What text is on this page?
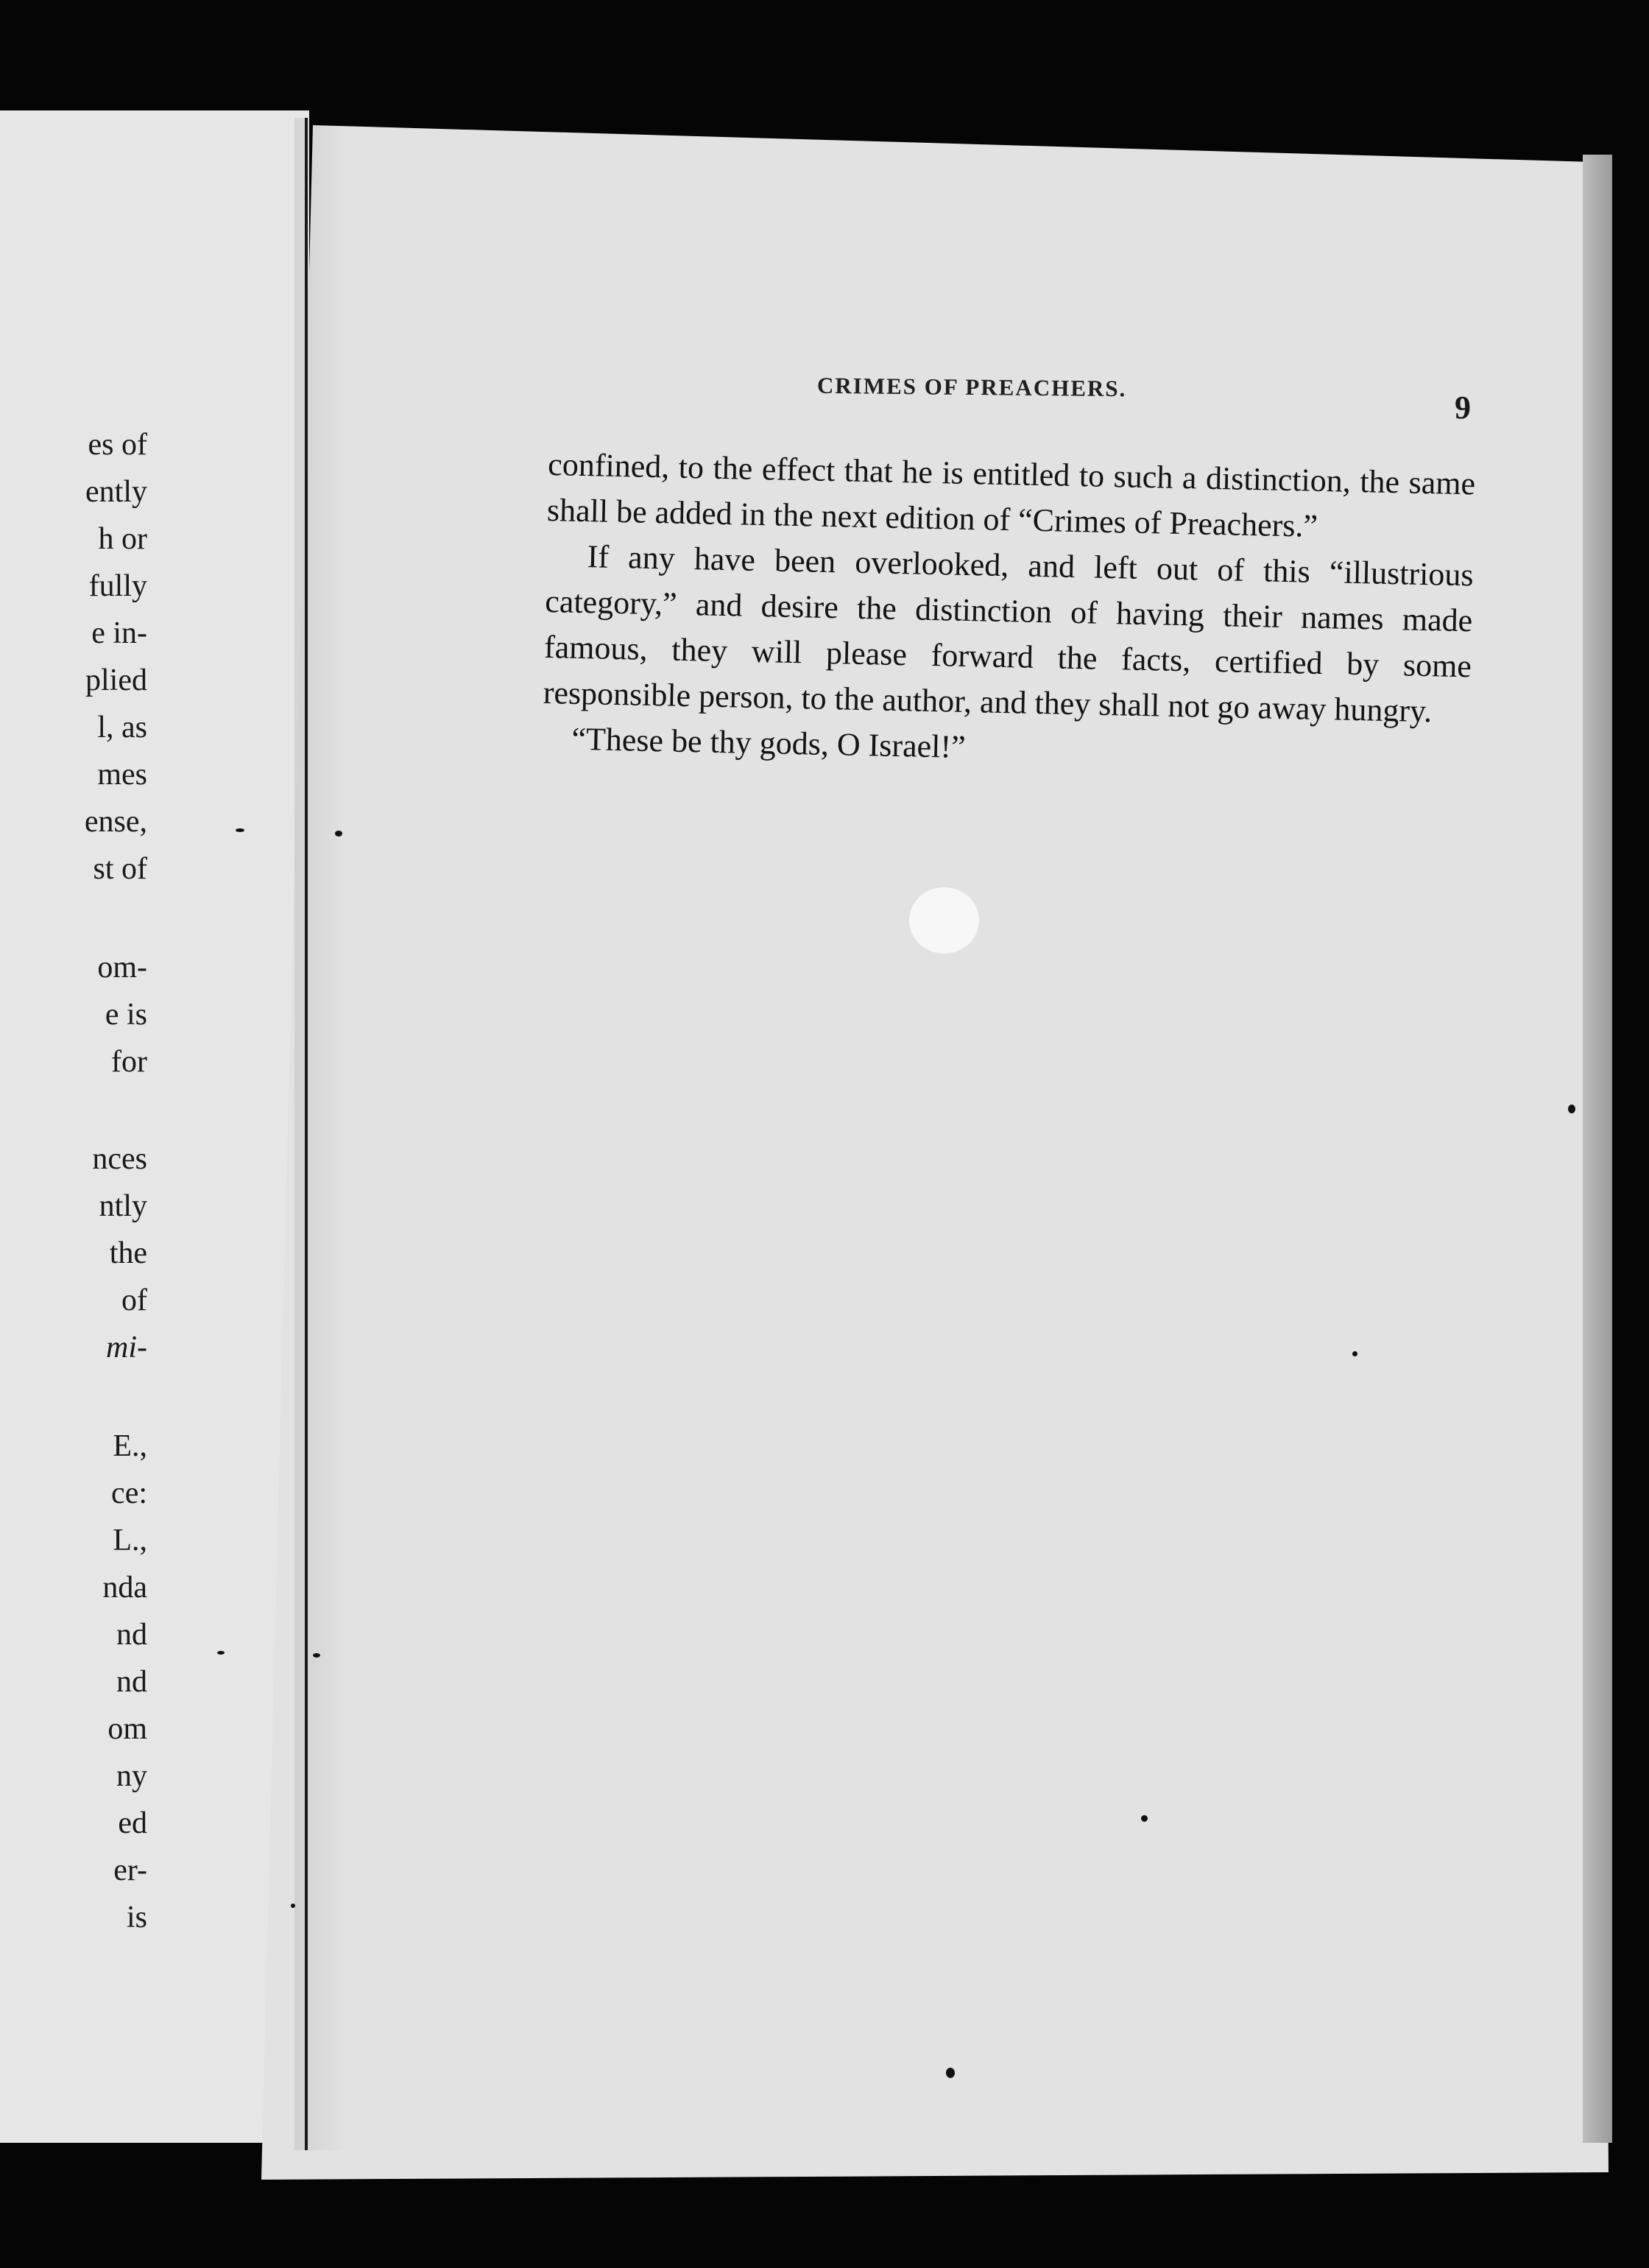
es of
ently
h or
fully
e in-
plied
l, as
mes
ense,
st of
om-
e is
for
nces
ntly
the
of
mi-
E.,
ce:
L.,
nda
nd
nd
om
ny
ed
er-
is
CRIMES OF PREACHERS.
9

confined, to the effect that he is entitled to such a distinction, the same shall be added in the next edition of “Crimes of Preachers.”

If any have been overlooked, and left out of this “illustrious category,” and desire the distinction of having their names made famous, they will please forward the facts, certified by some responsible person, to the author, and they shall not go away hungry.

“These be thy gods, O Israel!”
